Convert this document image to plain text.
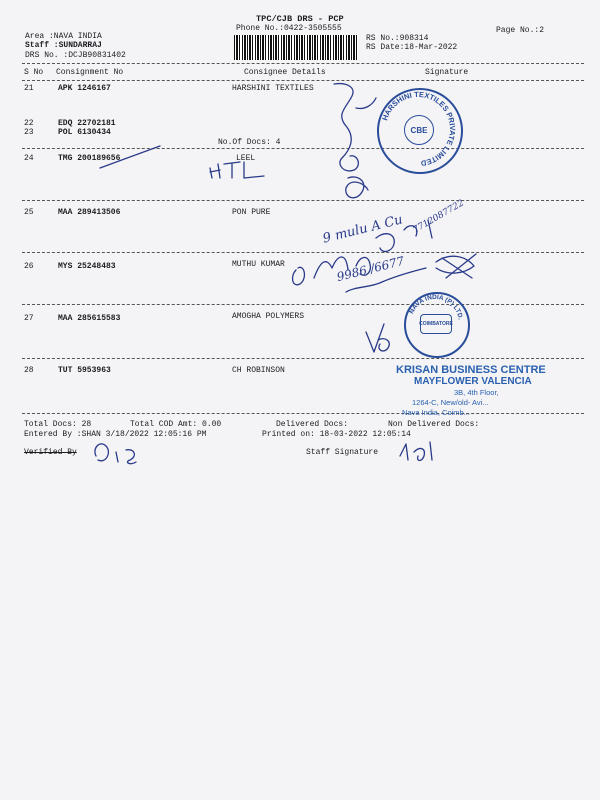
TPC/CJB DRS - PCP
Phone No.:0422-3505555	Page No.:2
RS No.:908314
RS Date:18-Mar-2022
Area :NAVA INDIA
Staff :SUNDARRAJ
DRS No. :DCJB90831402
S No Consignment No	Consignee Details	Signature
21	APK 1246167	HARSHINI TEXTILES
22	EDQ 22702181
23	POL 6130434
No.Of Docs: 4
24	TMG 200189656	LEEL
25	MAA 289413506	PON PURE
26	MYS 25248483	MUTHU KUMAR
27	MAA 285615583	AMOGHA POLYMERS
28	TUT 5953963	CH ROBINSON
Total Docs: 28	Total COD Amt: 0.00	Delivered Docs:	Non Delivered Docs:
Entered By :SHAN 3/18/2022 12:05:16 PM	Printed on: 18-03-2022 12:05:14
Verified By	Staff Signature
HARSHINI TEXTILES PRIVATE LIMITED
CBE
NAVA INDIA (P) LTD.
COIMBATORE
KRISAN BUSINESS CENTRE
MAYFLOWER VALENCIA
3B, 4th Floor,
1264-C, New/old- Avi...
Nava India, Coimb...
9 mulu A Cu
9986 /6677
7712087722
